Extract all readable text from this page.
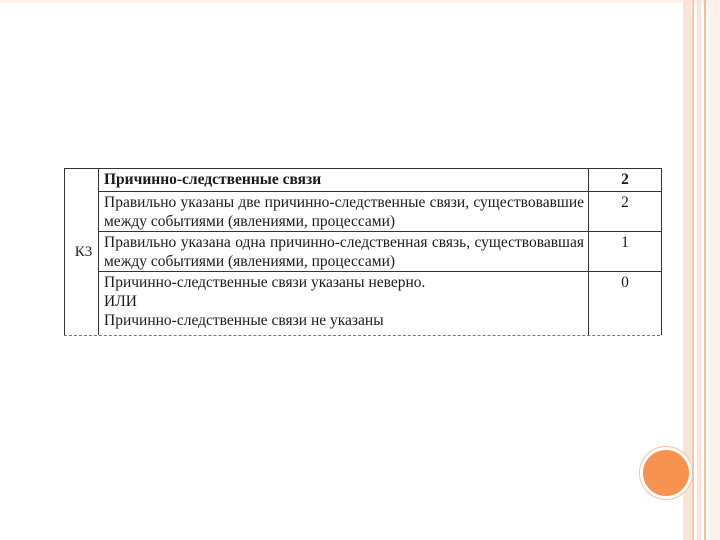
К3
Причинно-следственные связи	2
Правильно указаны две причинно-следственные связи, существовавшие между событиями (явлениями, процессами)
2
Правильно указана одна причинно-следственная связь, существовавшая между событиями (явлениями, процессами)
1
Причинно-следственные связи указаны неверно.
ИЛИ
Причинно-следственные связи не указаны
0
